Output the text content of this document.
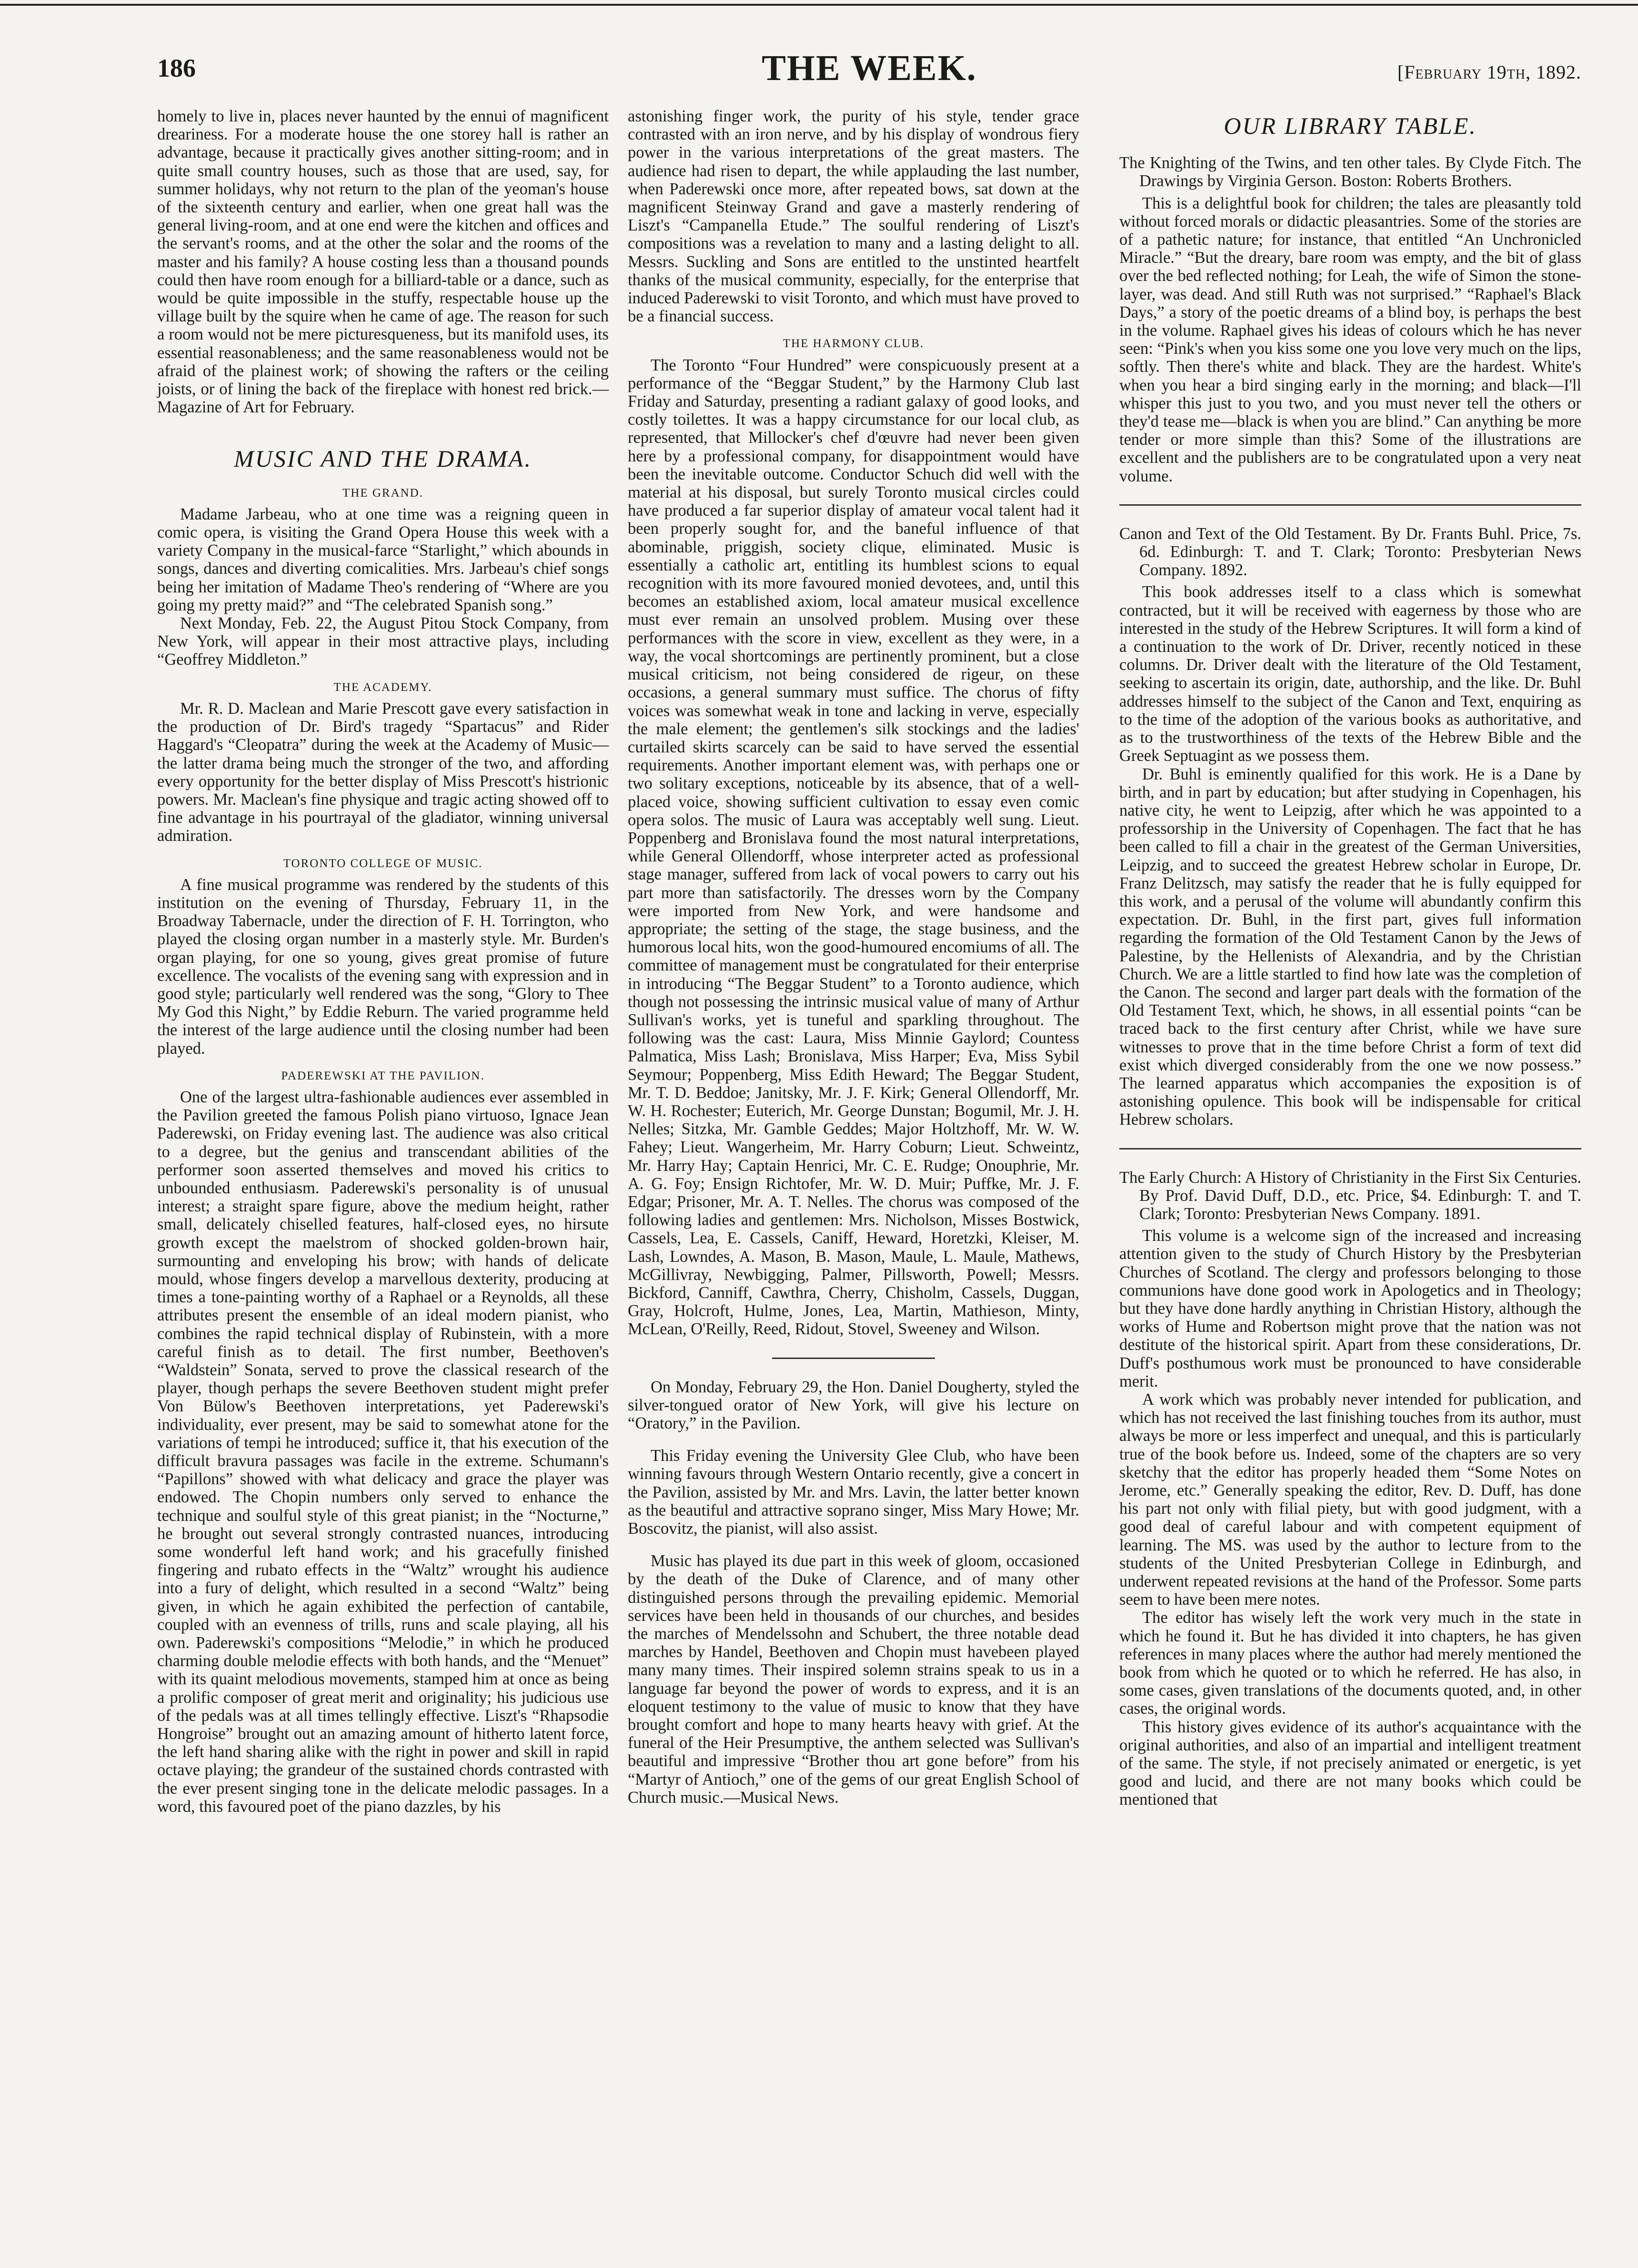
186	THE WEEK.	[February 19th, 1892.

homely to live in, places never haunted by the ennui of magnificent dreariness. For a moderate house the one storey hall is rather an advantage, because it practically gives another sitting-room; and in quite small country houses, such as those that are used, say, for summer holidays, why not return to the plan of the yeoman's house of the sixteenth century and earlier, when one great hall was the general living-room, and at one end were the kitchen and offices and the servant's rooms, and at the other the solar and the rooms of the master and his family? A house costing less than a thousand pounds could then have room enough for a billiard-table or a dance, such as would be quite impossible in the stuffy, respectable house up the village built by the squire when he came of age. The reason for such a room would not be mere picturesqueness, but its manifold uses, its essential reasonableness; and the same reasonableness would not be afraid of the plainest work; of showing the rafters or the ceiling joists, or of lining the back of the fireplace with honest red brick.—Magazine of Art for February.

MUSIC AND THE DRAMA.
THE GRAND.

Madame Jarbeau, who at one time was a reigning queen in comic opera, is visiting the Grand Opera House this week with a variety Company in the musical-farce “Starlight,” which abounds in songs, dances and diverting comicalities. Mrs. Jarbeau's chief songs being her imitation of Madame Theo's rendering of “Where are you going my pretty maid?” and “The celebrated Spanish song.”

Next Monday, Feb. 22, the August Pitou Stock Company, from New York, will appear in their most attractive plays, including “Geoffrey Middleton.”

THE ACADEMY.

Mr. R. D. Maclean and Marie Prescott gave every satisfaction in the production of Dr. Bird's tragedy “Spartacus” and Rider Haggard's “Cleopatra” during the week at the Academy of Music—the latter drama being much the stronger of the two, and affording every opportunity for the better display of Miss Prescott's histrionic powers. Mr. Maclean's fine physique and tragic acting showed off to fine advantage in his pourtrayal of the gladiator, winning universal admiration.

TORONTO COLLEGE OF MUSIC.

A fine musical programme was rendered by the students of this institution on the evening of Thursday, February 11, in the Broadway Tabernacle, under the direction of F. H. Torrington, who played the closing organ number in a masterly style. Mr. Burden's organ playing, for one so young, gives great promise of future excellence. The vocalists of the evening sang with expression and in good style; particularly well rendered was the song, “Glory to Thee My God this Night,” by Eddie Reburn. The varied programme held the interest of the large audience until the closing number had been played.

PADEREWSKI AT THE PAVILION.

One of the largest ultra-fashionable audiences ever assembled in the Pavilion greeted the famous Polish piano virtuoso, Ignace Jean Paderewski, on Friday evening last. The audience was also critical to a degree, but the genius and transcendant abilities of the performer soon asserted themselves and moved his critics to unbounded enthusiasm. Paderewski's personality is of unusual interest; a straight spare figure, above the medium height, rather small, delicately chiselled features, half-closed eyes, no hirsute growth except the maelstrom of shocked golden-brown hair, surmounting and enveloping his brow; with hands of delicate mould, whose fingers develop a marvellous dexterity, producing at times a tone-painting worthy of a Raphael or a Reynolds, all these attributes present the ensemble of an ideal modern pianist, who combines the rapid technical display of Rubinstein, with a more careful finish as to detail. The first number, Beethoven's “Waldstein” Sonata, served to prove the classical research of the player, though perhaps the severe Beethoven student might prefer Von Bülow's Beethoven interpretations, yet Paderewski's individuality, ever present, may be said to somewhat atone for the variations of tempi he introduced; suffice it, that his execution of the difficult bravura passages was facile in the extreme. Schumann's “Papillons” showed with what delicacy and grace the player was endowed. The Chopin numbers only served to enhance the technique and soulful style of this great pianist; in the “Nocturne,” he brought out several strongly contrasted nuances, introducing some wonderful left hand work; and his gracefully finished fingering and rubato effects in the “Waltz” wrought his audience into a fury of delight, which resulted in a second “Waltz” being given, in which he again exhibited the perfection of cantabile, coupled with an evenness of trills, runs and scale playing, all his own. Paderewski's compositions “Melodie,” in which he produced charming double melodie effects with both hands, and the “Menuet” with its quaint melodious movements, stamped him at once as being a prolific composer of great merit and originality; his judicious use of the pedals was at all times tellingly effective. Liszt's “Rhapsodie Hongroise” brought out an amazing amount of hitherto latent force, the left hand sharing alike with the right in power and skill in rapid octave playing; the grandeur of the sustained chords contrasted with the ever present singing tone in the delicate melodic passages. In a word, this favoured poet of the piano dazzles, by his

astonishing finger work, the purity of his style, tender grace contrasted with an iron nerve, and by his display of wondrous fiery power in the various interpretations of the great masters. The audience had risen to depart, the while applauding the last number, when Paderewski once more, after repeated bows, sat down at the magnificent Steinway Grand and gave a masterly rendering of Liszt's “Campanella Etude.” The soulful rendering of Liszt's compositions was a revelation to many and a lasting delight to all. Messrs. Suckling and Sons are entitled to the unstinted heartfelt thanks of the musical community, especially, for the enterprise that induced Paderewski to visit Toronto, and which must have proved to be a financial success.

THE HARMONY CLUB.

The Toronto “Four Hundred” were conspicuously present at a performance of the “Beggar Student,” by the Harmony Club last Friday and Saturday, presenting a radiant galaxy of good looks, and costly toilettes. It was a happy circumstance for our local club, as represented, that Millocker's chef d'œuvre had never been given here by a professional company, for disappointment would have been the inevitable outcome. Conductor Schuch did well with the material at his disposal, but surely Toronto musical circles could have produced a far superior display of amateur vocal talent had it been properly sought for, and the baneful influence of that abominable, priggish, society clique, eliminated. Music is essentially a catholic art, entitling its humblest scions to equal recognition with its more favoured monied devotees, and, until this becomes an established axiom, local amateur musical excellence must ever remain an unsolved problem. Musing over these performances with the score in view, excellent as they were, in a way, the vocal shortcomings are pertinently prominent, but a close musical criticism, not being considered de rigeur, on these occasions, a general summary must suffice. The chorus of fifty voices was somewhat weak in tone and lacking in verve, especially the male element; the gentlemen's silk stockings and the ladies' curtailed skirts scarcely can be said to have served the essential requirements. Another important element was, with perhaps one or two solitary exceptions, noticeable by its absence, that of a well-placed voice, showing sufficient cultivation to essay even comic opera solos. The music of Laura was acceptably well sung. Lieut. Poppenberg and Bronislava found the most natural interpretations, while General Ollendorff, whose interpreter acted as professional stage manager, suffered from lack of vocal powers to carry out his part more than satisfactorily. The dresses worn by the Company were imported from New York, and were handsome and appropriate; the setting of the stage, the stage business, and the humorous local hits, won the good-humoured encomiums of all. The committee of management must be congratulated for their enterprise in introducing “The Beggar Student” to a Toronto audience, which though not possessing the intrinsic musical value of many of Arthur Sullivan's works, yet is tuneful and sparkling throughout. The following was the cast: Laura, Miss Minnie Gaylord; Countess Palmatica, Miss Lash; Bronislava, Miss Harper; Eva, Miss Sybil Seymour; Poppenberg, Miss Edith Heward; The Beggar Student, Mr. T. D. Beddoe; Janitsky, Mr. J. F. Kirk; General Ollendorff, Mr. W. H. Rochester; Euterich, Mr. George Dunstan; Bogumil, Mr. J. H. Nelles; Sitzka, Mr. Gamble Geddes; Major Holtzhoff, Mr. W. W. Fahey; Lieut. Wangerheim, Mr. Harry Coburn; Lieut. Schweintz, Mr. Harry Hay; Captain Henrici, Mr. C. E. Rudge; Onouphrie, Mr. A. G. Foy; Ensign Richtofer, Mr. W. D. Muir; Puffke, Mr. J. F. Edgar; Prisoner, Mr. A. T. Nelles. The chorus was composed of the following ladies and gentlemen: Mrs. Nicholson, Misses Bostwick, Cassels, Lea, E. Cassels, Caniff, Heward, Horetzki, Kleiser, M. Lash, Lowndes, A. Mason, B. Mason, Maule, L. Maule, Mathews, McGillivray, Newbigging, Palmer, Pillsworth, Powell; Messrs. Bickford, Canniff, Cawthra, Cherry, Chisholm, Cassels, Duggan, Gray, Holcroft, Hulme, Jones, Lea, Martin, Mathieson, Minty, McLean, O'Reilly, Reed, Ridout, Stovel, Sweeney and Wilson.

On Monday, February 29, the Hon. Daniel Dougherty, styled the silver-tongued orator of New York, will give his lecture on “Oratory,” in the Pavilion.

This Friday evening the University Glee Club, who have been winning favours through Western Ontario recently, give a concert in the Pavilion, assisted by Mr. and Mrs. Lavin, the latter better known as the beautiful and attractive soprano singer, Miss Mary Howe; Mr. Boscovitz, the pianist, will also assist.

Music has played its due part in this week of gloom, occasioned by the death of the Duke of Clarence, and of many other distinguished persons through the prevailing epidemic. Memorial services have been held in thousands of our churches, and besides the marches of Mendelssohn and Schubert, the three notable dead marches by Handel, Beethoven and Chopin must havebeen played many many times. Their inspired solemn strains speak to us in a language far beyond the power of words to express, and it is an eloquent testimony to the value of music to know that they have brought comfort and hope to many hearts heavy with grief. At the funeral of the Heir Presumptive, the anthem selected was Sullivan's beautiful and impressive “Brother thou art gone before” from his “Martyr of Antioch,” one of the gems of our great English School of Church music.—Musical News.

OUR LIBRARY TABLE.

The Knighting of the Twins, and ten other tales. By Clyde Fitch. The Drawings by Virginia Gerson. Boston: Roberts Brothers.

This is a delightful book for children; the tales are pleasantly told without forced morals or didactic pleasantries. Some of the stories are of a pathetic nature; for instance, that entitled “An Unchronicled Miracle.” “But the dreary, bare room was empty, and the bit of glass over the bed reflected nothing; for Leah, the wife of Simon the stone-layer, was dead. And still Ruth was not surprised.” “Raphael's Black Days,” a story of the poetic dreams of a blind boy, is perhaps the best in the volume. Raphael gives his ideas of colours which he has never seen: “Pink's when you kiss some one you love very much on the lips, softly. Then there's white and black. They are the hardest. White's when you hear a bird singing early in the morning; and black—I'll whisper this just to you two, and you must never tell the others or they'd tease me—black is when you are blind.” Can anything be more tender or more simple than this? Some of the illustrations are excellent and the publishers are to be congratulated upon a very neat volume.

Canon and Text of the Old Testament. By Dr. Frants Buhl. Price, 7s. 6d. Edinburgh: T. and T. Clark; Toronto: Presbyterian News Company. 1892.

This book addresses itself to a class which is somewhat contracted, but it will be received with eagerness by those who are interested in the study of the Hebrew Scriptures. It will form a kind of a continuation to the work of Dr. Driver, recently noticed in these columns. Dr. Driver dealt with the literature of the Old Testament, seeking to ascertain its origin, date, authorship, and the like. Dr. Buhl addresses himself to the subject of the Canon and Text, enquiring as to the time of the adoption of the various books as authoritative, and as to the trustworthiness of the texts of the Hebrew Bible and the Greek Septuagint as we possess them.

Dr. Buhl is eminently qualified for this work. He is a Dane by birth, and in part by education; but after studying in Copenhagen, his native city, he went to Leipzig, after which he was appointed to a professorship in the University of Copenhagen. The fact that he has been called to fill a chair in the greatest of the German Universities, Leipzig, and to succeed the greatest Hebrew scholar in Europe, Dr. Franz Delitzsch, may satisfy the reader that he is fully equipped for this work, and a perusal of the volume will abundantly confirm this expectation. Dr. Buhl, in the first part, gives full information regarding the formation of the Old Testament Canon by the Jews of Palestine, by the Hellenists of Alexandria, and by the Christian Church. We are a little startled to find how late was the completion of the Canon. The second and larger part deals with the formation of the Old Testament Text, which, he shows, in all essential points “can be traced back to the first century after Christ, while we have sure witnesses to prove that in the time before Christ a form of text did exist which diverged considerably from the one we now possess.” The learned apparatus which accompanies the exposition is of astonishing opulence. This book will be indispensable for critical Hebrew scholars.

The Early Church: A History of Christianity in the First Six Centuries. By Prof. David Duff, D.D., etc. Price, $4. Edinburgh: T. and T. Clark; Toronto: Presbyterian News Company. 1891.

This volume is a welcome sign of the increased and increasing attention given to the study of Church History by the Presbyterian Churches of Scotland. The clergy and professors belonging to those communions have done good work in Apologetics and in Theology; but they have done hardly anything in Christian History, although the works of Hume and Robertson might prove that the nation was not destitute of the historical spirit. Apart from these considerations, Dr. Duff's posthumous work must be pronounced to have considerable merit.

A work which was probably never intended for publication, and which has not received the last finishing touches from its author, must always be more or less imperfect and unequal, and this is particularly true of the book before us. Indeed, some of the chapters are so very sketchy that the editor has properly headed them “Some Notes on Jerome, etc.” Generally speaking the editor, Rev. D. Duff, has done his part not only with filial piety, but with good judgment, with a good deal of careful labour and with competent equipment of learning. The MS. was used by the author to lecture from to the students of the United Presbyterian College in Edinburgh, and underwent repeated revisions at the hand of the Professor. Some parts seem to have been mere notes.

The editor has wisely left the work very much in the state in which he found it. But he has divided it into chapters, he has given references in many places where the author had merely mentioned the book from which he quoted or to which he referred. He has also, in some cases, given translations of the documents quoted, and, in other cases, the original words.

This history gives evidence of its author's acquaintance with the original authorities, and also of an impartial and intelligent treatment of the same. The style, if not precisely animated or energetic, is yet good and lucid, and there are not many books which could be mentioned that
